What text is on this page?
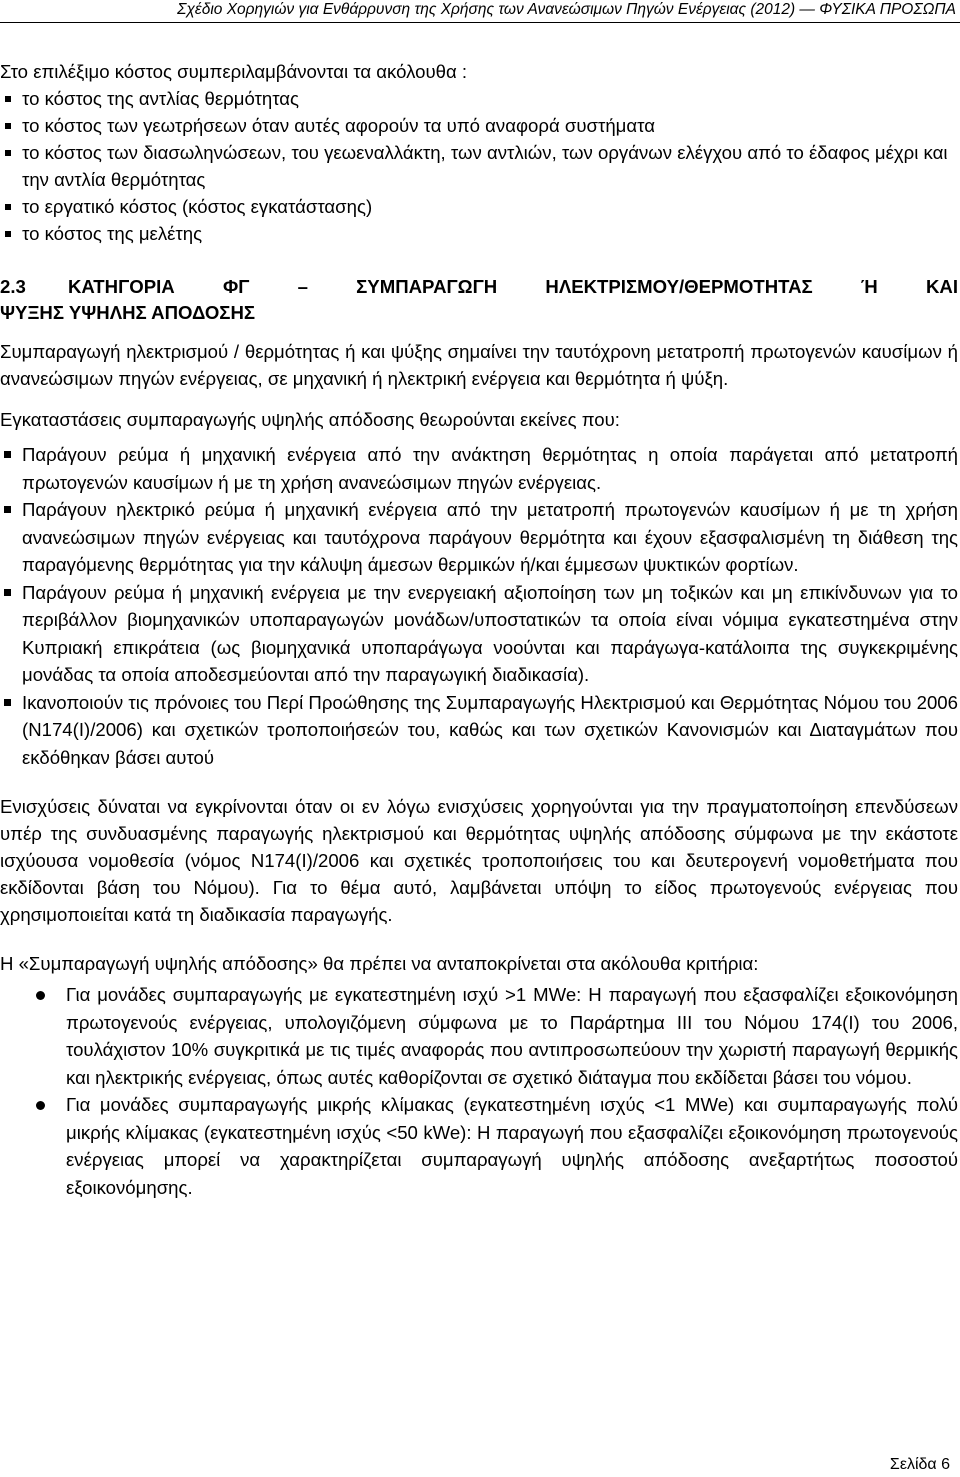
Σχέδιο Χορηγιών για Ενθάρρυνση της Χρήσης των Ανανεώσιμων Πηγών Ενέργειας (2012) — ΦΥΣΙΚΑ ΠΡΟΣΩΠΑ

Στο επιλέξιμο κόστος συμπεριλαμβάνονται τα ακόλουθα :

το κόστος της αντλίας θερμότητας
το κόστος των γεωτρήσεων όταν αυτές αφορούν τα υπό αναφορά συστήματα
το κόστος των διασωληνώσεων, του γεωεναλλάκτη, των αντλιών, των οργάνων ελέγχου από το έδαφος μέχρι και την αντλία θερμότητας
το εργατικό κόστος (κόστος εγκατάστασης)
το κόστος της μελέτης
2.3 ΚΑΤΗΓΟΡΙΑ ΦΓ – ΣΥΜΠΑΡΑΓΩΓΗ ΗΛΕΚΤΡΙΣΜΟΥ/ΘΕΡΜΟΤΗΤΑΣ Ή ΚΑΙ
ΨΥΞΗΣ ΥΨΗΛΗΣ ΑΠΟΔΟΣΗΣ

Συμπαραγωγή ηλεκτρισμού / θερμότητας ή και ψύξης σημαίνει την ταυτόχρονη μετατροπή πρωτογενών καυσίμων ή ανανεώσιμων πηγών ενέργειας, σε μηχανική ή ηλεκτρική ενέργεια και θερμότητα ή ψύξη.

Εγκαταστάσεις συμπαραγωγής υψηλής απόδοσης θεωρούνται εκείνες που:

Παράγουν ρεύμα ή μηχανική ενέργεια από την ανάκτηση θερμότητας η οποία παράγεται από μετατροπή πρωτογενών καυσίμων ή με τη χρήση ανανεώσιμων πηγών ενέργειας.
Παράγουν ηλεκτρικό ρεύμα ή μηχανική ενέργεια από την μετατροπή πρωτογενών καυσίμων ή με τη χρήση ανανεώσιμων πηγών ενέργειας και ταυτόχρονα παράγουν θερμότητα και έχουν εξασφαλισμένη τη διάθεση της παραγόμενης θερμότητας για την κάλυψη άμεσων θερμικών ή/και έμμεσων ψυκτικών φορτίων.
Παράγουν ρεύμα ή μηχανική ενέργεια με την ενεργειακή αξιοποίηση των μη τοξικών και μη επικίνδυνων για το περιβάλλον βιομηχανικών υποπαραγωγών μονάδων/υποστατικών τα οποία είναι νόμιμα εγκατεστημένα στην Κυπριακή επικράτεια (ως βιομηχανικά υποπαράγωγα νοούνται και παράγωγα-κατάλοιπα της συγκεκριμένης μονάδας τα οποία αποδεσμεύονται από την παραγωγική διαδικασία).
Ικανοποιούν τις πρόνοιες του Περί Προώθησης της Συμπαραγωγής Ηλεκτρισμού και Θερμότητας Νόμου του 2006 (Ν174(Ι)/2006) και σχετικών τροποποιήσεών του, καθώς και των σχετικών Κανονισμών και Διαταγμάτων που εκδόθηκαν βάσει αυτού

Ενισχύσεις δύναται να εγκρίνονται όταν οι εν λόγω ενισχύσεις χορηγούνται για την πραγματοποίηση επενδύσεων υπέρ της συνδυασμένης παραγωγής ηλεκτρισμού και θερμότητας υψηλής απόδοσης σύμφωνα με την εκάστοτε ισχύουσα νομοθεσία (νόμος Ν174(Ι)/2006 και σχετικές τροποποιήσεις του και δευτερογενή νομοθετήματα που εκδίδονται βάση του Νόμου). Για το θέμα αυτό, λαμβάνεται υπόψη το είδος πρωτογενούς ενέργειας που χρησιμοποιείται κατά τη διαδικασία παραγωγής.

Η «Συμπαραγωγή υψηλής απόδοσης» θα πρέπει να ανταποκρίνεται στα ακόλουθα κριτήρια:

Για μονάδες συμπαραγωγής με εγκατεστημένη ισχύ >1 MWe: Η παραγωγή που εξασφαλίζει εξοικονόμηση πρωτογενούς ενέργειας, υπολογιζόμενη σύμφωνα με το Παράρτημα ΙΙΙ του Νόμου 174(Ι) του 2006, τουλάχιστον 10% συγκριτικά με τις τιμές αναφοράς που αντιπροσωπεύουν την χωριστή παραγωγή θερμικής και ηλεκτρικής ενέργειας, όπως αυτές καθορίζονται σε σχετικό διάταγμα που εκδίδεται βάσει του νόμου.
Για μονάδες συμπαραγωγής μικρής κλίμακας (εγκατεστημένη ισχύς <1 MWe) και συμπαραγωγής πολύ μικρής κλίμακας (εγκατεστημένη ισχύς <50 kWe): Η παραγωγή που εξασφαλίζει εξοικονόμηση πρωτογενούς ενέργειας μπορεί να χαρακτηρίζεται συμπαραγωγή υψηλής απόδοσης ανεξαρτήτως ποσοστού εξοικονόμησης.
Σελίδα 6
